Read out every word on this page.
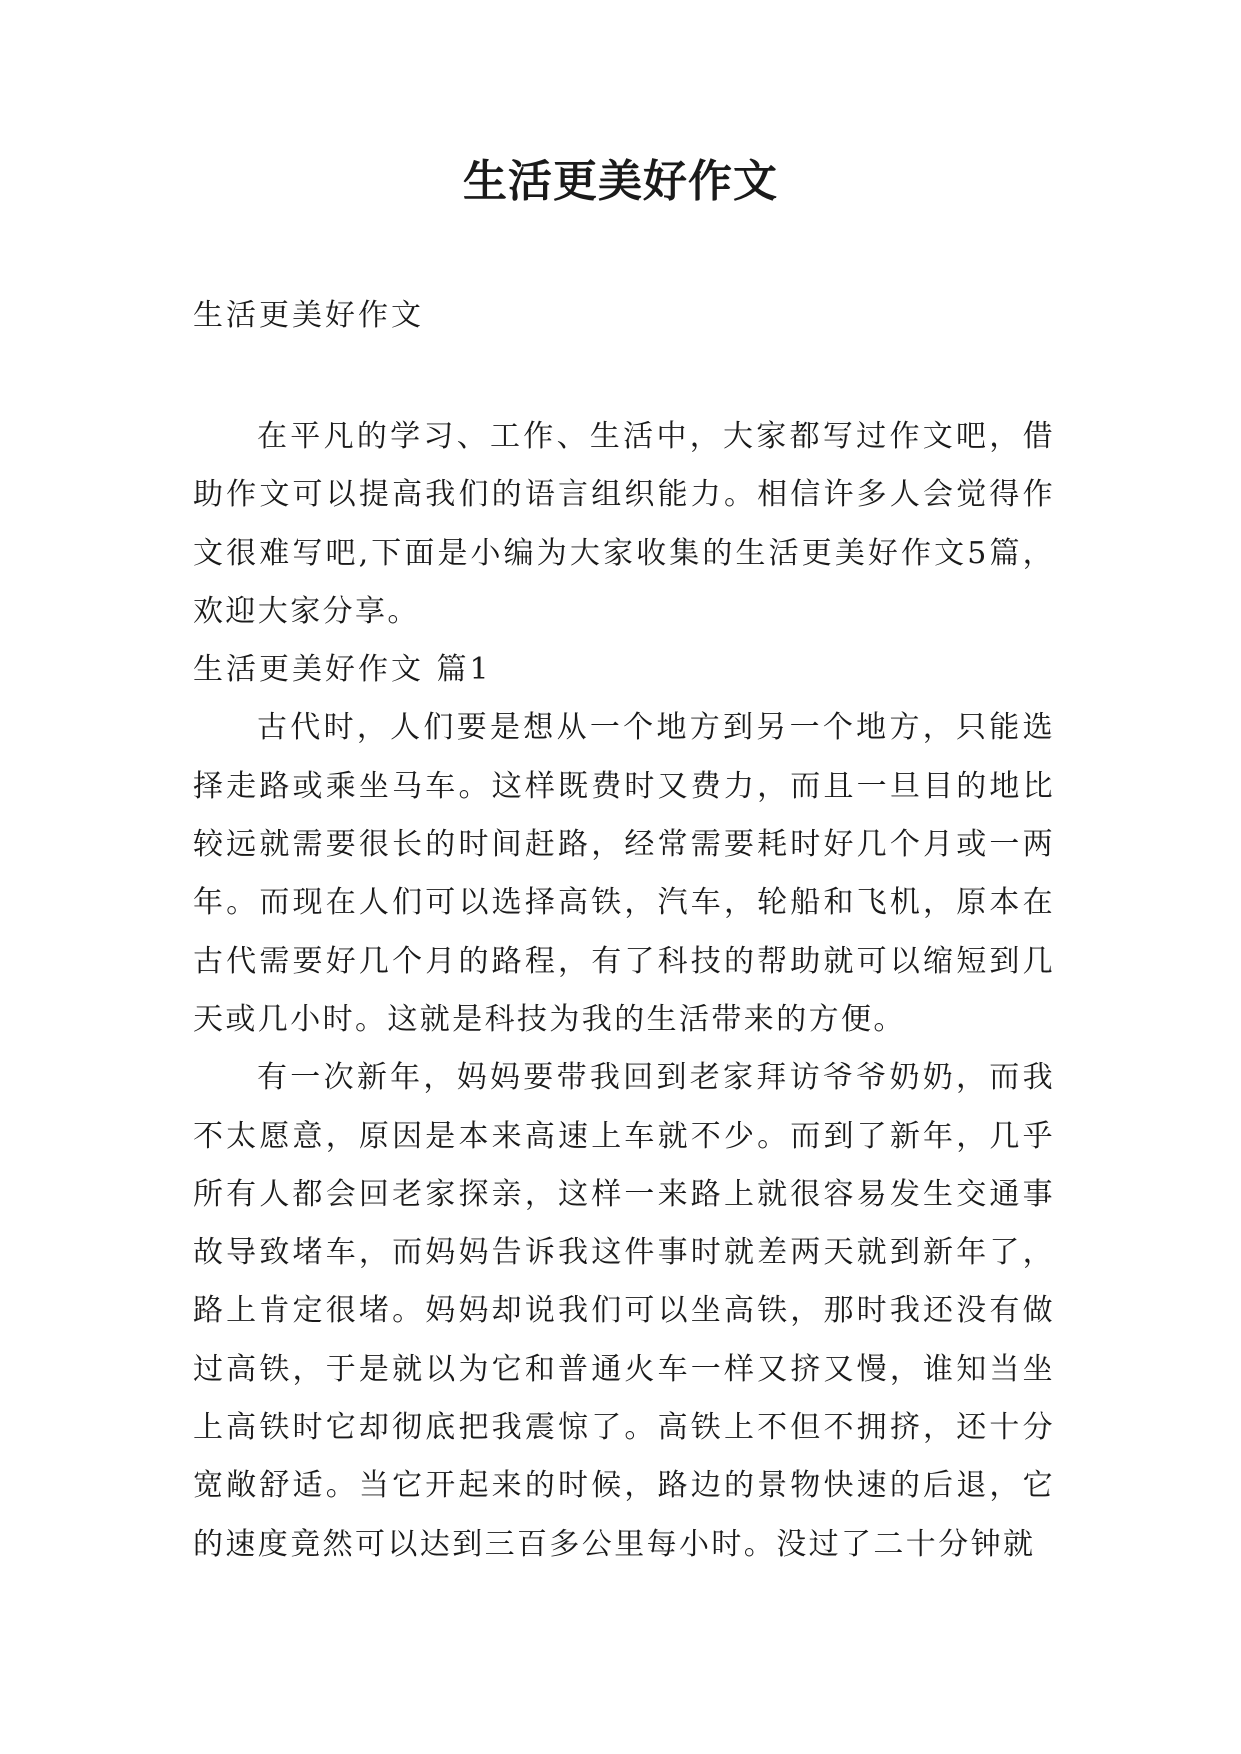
生活更美好作文

生活更美好作文

在平凡的学习、工作、生活中，大家都写过作文吧，借助作文可以提高我们的语言组织能力。相信许多人会觉得作文很难写吧,下面是小编为大家收集的生活更美好作文5篇，欢迎大家分享。

生活更美好作文 篇1

古代时，人们要是想从一个地方到另一个地方，只能选择走路或乘坐马车。这样既费时又费力，而且一旦目的地比较远就需要很长的时间赶路，经常需要耗时好几个月或一两年。而现在人们可以选择高铁，汽车，轮船和飞机，原本在古代需要好几个月的路程，有了科技的帮助就可以缩短到几天或几小时。这就是科技为我的生活带来的方便。

有一次新年，妈妈要带我回到老家拜访爷爷奶奶，而我不太愿意，原因是本来高速上车就不少。而到了新年，几乎所有人都会回老家探亲，这样一来路上就很容易发生交通事故导致堵车，而妈妈告诉我这件事时就差两天就到新年了，路上肯定很堵。妈妈却说我们可以坐高铁，那时我还没有做过高铁，于是就以为它和普通火车一样又挤又慢，谁知当坐上高铁时它却彻底把我震惊了。高铁上不但不拥挤，还十分宽敞舒适。当它开起来的时候，路边的景物快速的后退，它的速度竟然可以达到三百多公里每小时。没过了二十分钟就
